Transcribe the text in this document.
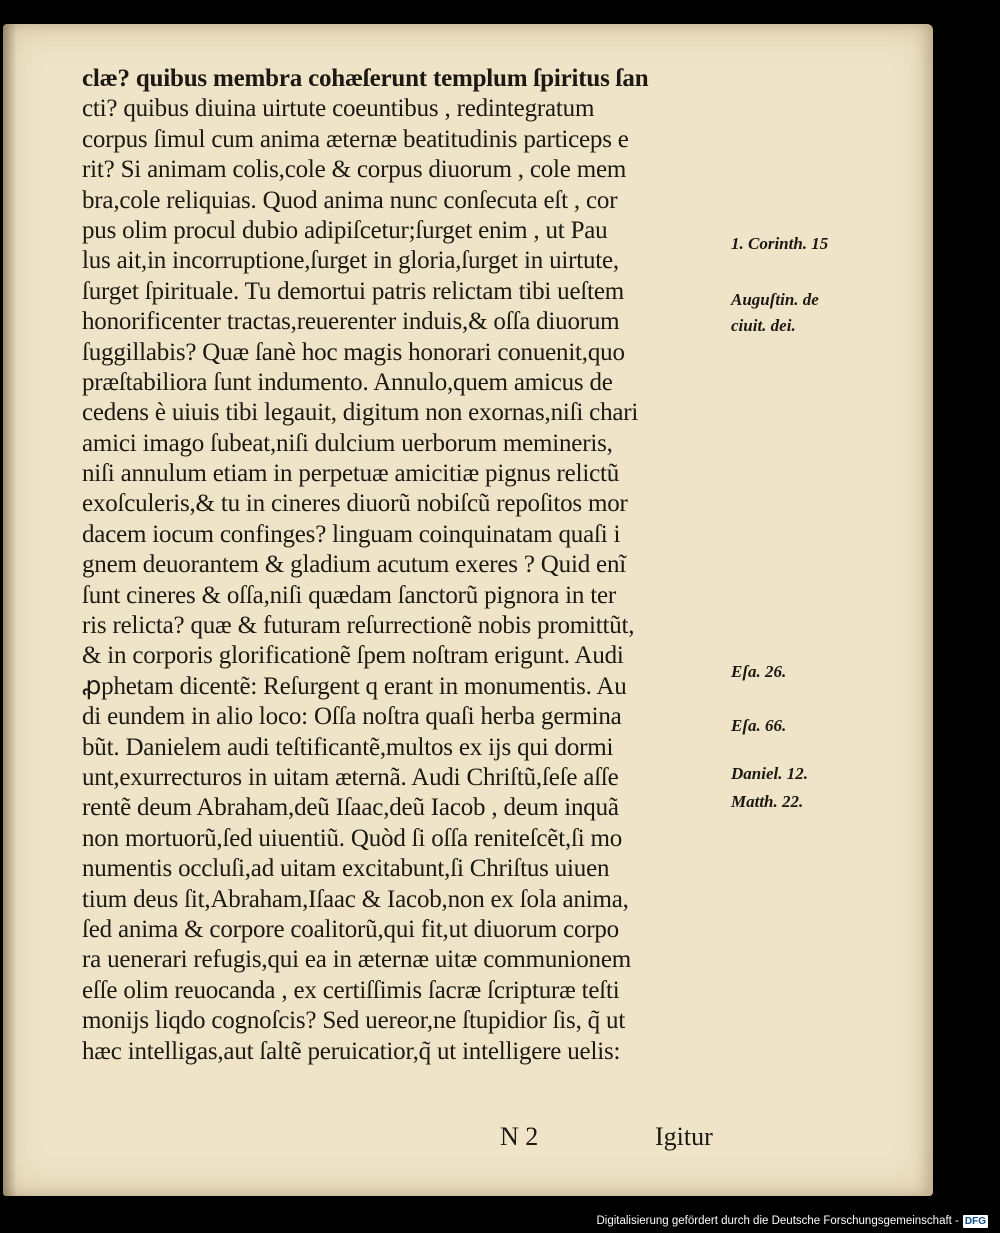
clæ? quibus membra cohæſerunt templum ſpiritus ſan
cti? quibus diuina uirtute coeuntibus , redintegratum
corpus ſimul cum anima æternæ beatitudinis particeps e
rit? Si animam colis,cole & corpus diuorum , cole mem
bra,cole reliquias. Quod anima nunc conſecuta eſt , cor
pus olim procul dubio adipiſcetur;ſurget enim , ut Pau
lus ait,in incorruptione,ſurget in gloria,ſurget in uirtute,
ſurget ſpirituale. Tu demortui patris relictam tibi ueſtem
honorificenter tractas,reuerenter induis,& oſſa diuorum
ſuggillabis? Quæ ſanè hoc magis honorari conuenit,quo
præſtabiliora ſunt indumento. Annulo,quem amicus de
cedens è uiuis tibi legauit, digitum non exornas,niſi chari
amici imago ſubeat,niſi dulcium uerborum memineris,
niſi annulum etiam in perpetuæ amicitiæ pignus relictũ
exoſculeris,& tu in cineres diuorũ nobiſcũ repoſitos mor
dacem iocum confinges? linguam coinquinatam quaſi i
gnem deuorantem & gladium acutum exeres ? Quid enĩ
ſunt cineres & oſſa,niſi quædam ſanctorũ pignora in ter
ris relicta? quæ & futuram reſurrectionẽ nobis promittũt,
& in corporis glorificationẽ ſpem noſtram erigunt. Audi
ꝓphetam dicentẽ: Reſurgent q erant in monumentis. Au
di eundem in alio loco: Oſſa noſtra quaſi herba germina
bũt. Danielem audi teſtificantẽ,multos ex ijs qui dormi
unt,exurrecturos in uitam æternã. Audi Chriſtũ,ſeſe aſſe
rentẽ deum Abraham,deũ Iſaac,deũ Iacob , deum inquã
non mortuorũ,ſed uiuentiũ. Quòd ſi oſſa reniteſcẽt,ſi mo
numentis occluſi,ad uitam excitabunt,ſi Chriſtus uiuen
tium deus ſit,Abraham,Iſaac & Iacob,non ex ſola anima,
ſed anima & corpore coalitorũ,qui fit,ut diuorum corpo
ra uenerari refugis,qui ea in æternæ uitæ communionem
eſſe olim reuocanda , ex certiſſimis ſacræ ſcripturæ teſti
monijs liqdo cognoſcis? Sed uereor,ne ſtupidior ſis, q̃ ut
hæc intelligas,aut ſaltẽ peruicatior,q̃ ut intelligere uelis:
1. Corinth. 15
Auguſtin. de
ciuit. dei.
Eſa. 26.
Eſa. 66.
Daniel. 12.
Matth. 22.
N 2	Igitur
Digitalisierung gefördert durch die Deutsche Forschungsgemeinschaft - DFG
